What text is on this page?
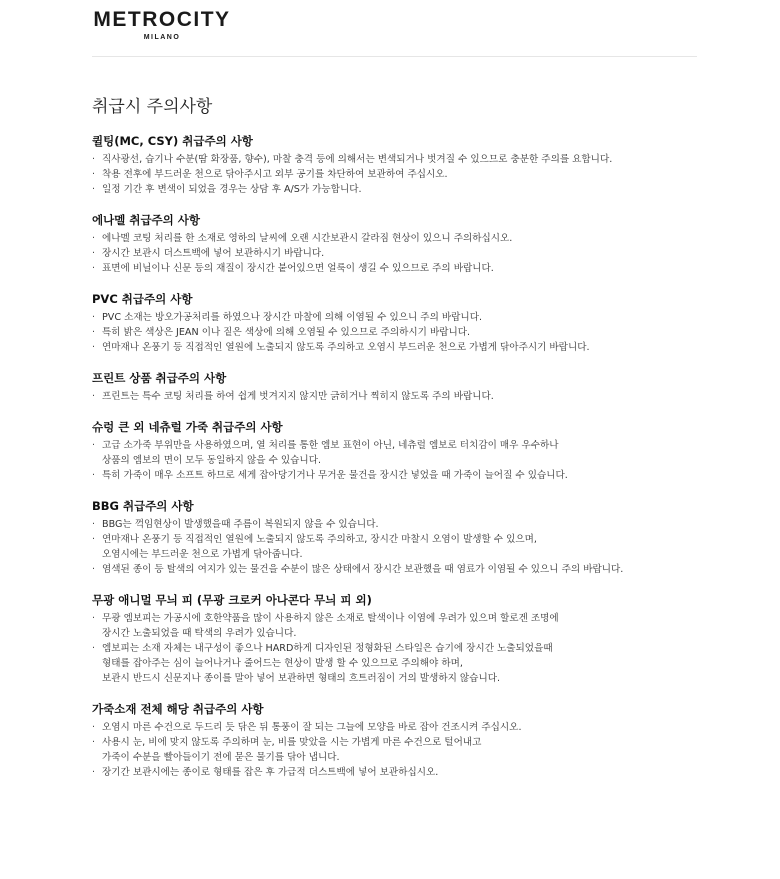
METROCITY
MILANO
취급시 주의사항
퀼팅(MC, CSY) 취급주의 사항
· 직사광선, 습기나 수분(땀 화장품, 향수), 마찰 충격 등에 의해서는 변색되거나 벗겨질 수 있으므로 충분한 주의를 요합니다.
· 착용 전후에 부드러운 천으로 닦아주시고 외부 공기를 차단하여 보관하여 주십시오.
· 일정 기간 후 변색이 되었을 경우는 상담 후 A/S가 가능합니다.
에나멜 취급주의 사항
· 에나멜 코팅 처리를 한 소재로 영하의 날씨에 오랜 시간보관시 갈라짐 현상이 있으니 주의하십시오.
· 장시간 보관시 더스트백에 넣어 보관하시기 바랍니다.
· 표면에 비닐이나 신문 등의 재질이 장시간 붙어있으면 얼룩이 생길 수 있으므로 주의 바랍니다.
PVC 취급주의 사항
· PVC 소재는 방오가공처리를 하였으나 장시간 마찰에 의해 이염될 수 있으니 주의 바랍니다.
· 특히 밝은 색상은 JEAN 이나 짙은 색상에 의해 오염될 수 있으므로 주의하시기 바랍니다.
· 연마재나 온풍기 등 직접적인 열원에 노출되지 않도록 주의하고 오염시 부드러운 천으로 가볍게 닦아주시기 바랍니다.
프린트 상품 취급주의 사항
· 프린트는 특수 코팅 처리를 하여 쉽게 벗겨지지 않지만 긁히거나 찍히지 않도록 주의 바랍니다.
슈렁 큰 외 네츄럴 가죽 취급주의 사항
· 고급 소가죽 부위만을 사용하였으며, 열 처리를 통한 엠보 표현이 아닌, 네츄럴 엠보로 터치감이 매우 우수하나
상품의 엠보의 면이 모두 동일하지 않을 수 있습니다.
· 특히 가죽이 매우 소프트 하므로 세게 잡아당기거나 무거운 물건을 장시간 넣었을 때 가죽이 늘어질 수 있습니다.
BBG 취급주의 사항
· BBG는 꺽임현상이 발생했을때 주름이 복원되지 않을 수 있습니다.
· 연마재나 온풍기 등 직접적인 열원에 노출되지 않도록 주의하고, 장시간 마찰시 오염이 발생할 수 있으며,
오염시에는 부드러운 천으로 가볍게 닦아줍니다.
· 염색된 종이 등 탈색의 여지가 있는 물건을 수분이 많은 상태에서 장시간 보관했을 때 염료가 이염될 수 있으니 주의 바랍니다.
무광 애니멀 무늬 피 (무광 크로커 아나콘다 무늬 피 외)
· 무광 엠보피는 가공시에 호한약품을 많이 사용하지 않은 소재로 탈색이나 이염에 우려가 있으며 할로겐 조명에
장시간 노출되었을 때 탁색의 우려가 있습니다.
· 엠보피는 소재 자체는 내구성이 좋으나 HARD하게 디자인된 정형화된 스타일은 습기에 장시간 노출되었을때
형태를 잡아주는 심이 늘어나거나 줄어드는 현상이 발생 할 수 있으므로 주의해야 하며,
보관시 반드시 신문지나 종이를 말아 넣어 보관하면 형태의 흐트러짐이 거의 발생하지 않습니다.
가죽소재 전체 해당 취급주의 사항
· 오염시 마른 수건으로 두드리 듯 닦은 뒤 통풍이 잘 되는 그늘에 모양을 바로 잡아 건조시켜 주십시오.
· 사용시 눈, 비에 맞지 않도록 주의하며 눈, 비를 맞았을 시는 가볍게 마른 수건으로 털어내고
가죽이 수분을 빨아들이기 전에 묻은 물기를 닦아 냅니다.
· 장기간 보관시에는 종이로 형태를 잡은 후 가급적 더스트백에 넣어 보관하십시오.
